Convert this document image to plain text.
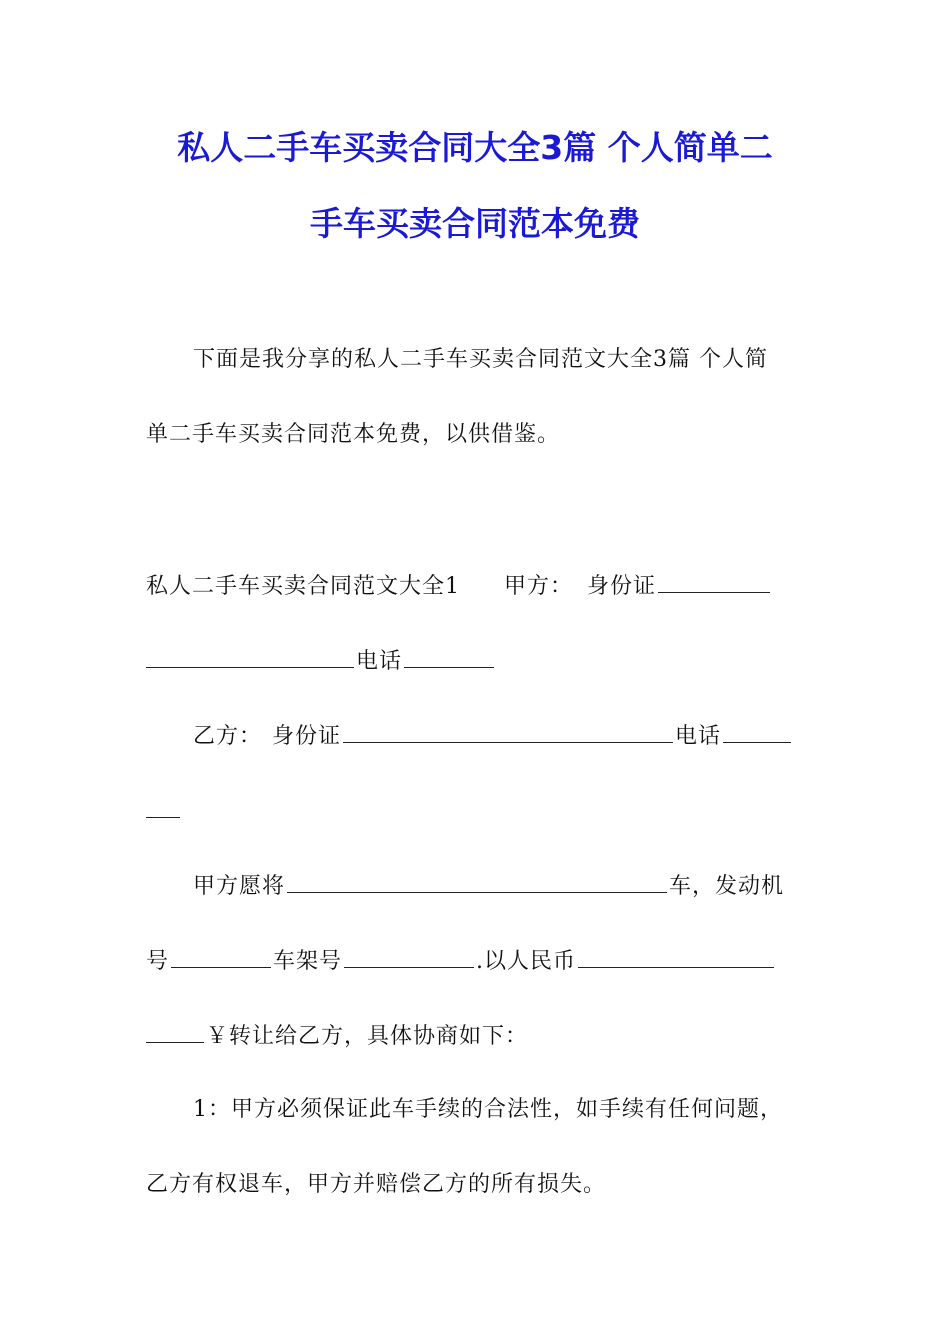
私人二手车买卖合同大全3篇 个人简单二
手车买卖合同范本免费
下面是我分享的私人二手车买卖合同范文大全3篇 个人简
单二手车买卖合同范本免费，以供借鉴。
私人二手车买卖合同范文大全1 甲方： 身份证
电话
乙方： 身份证	电话
甲方愿将	车，发动机
号	车架号	.以人民币
￥转让给乙方，具体协商如下：
1：甲方必须保证此车手续的合法性，如手续有任何问题，
乙方有权退车，甲方并赔偿乙方的所有损失。
